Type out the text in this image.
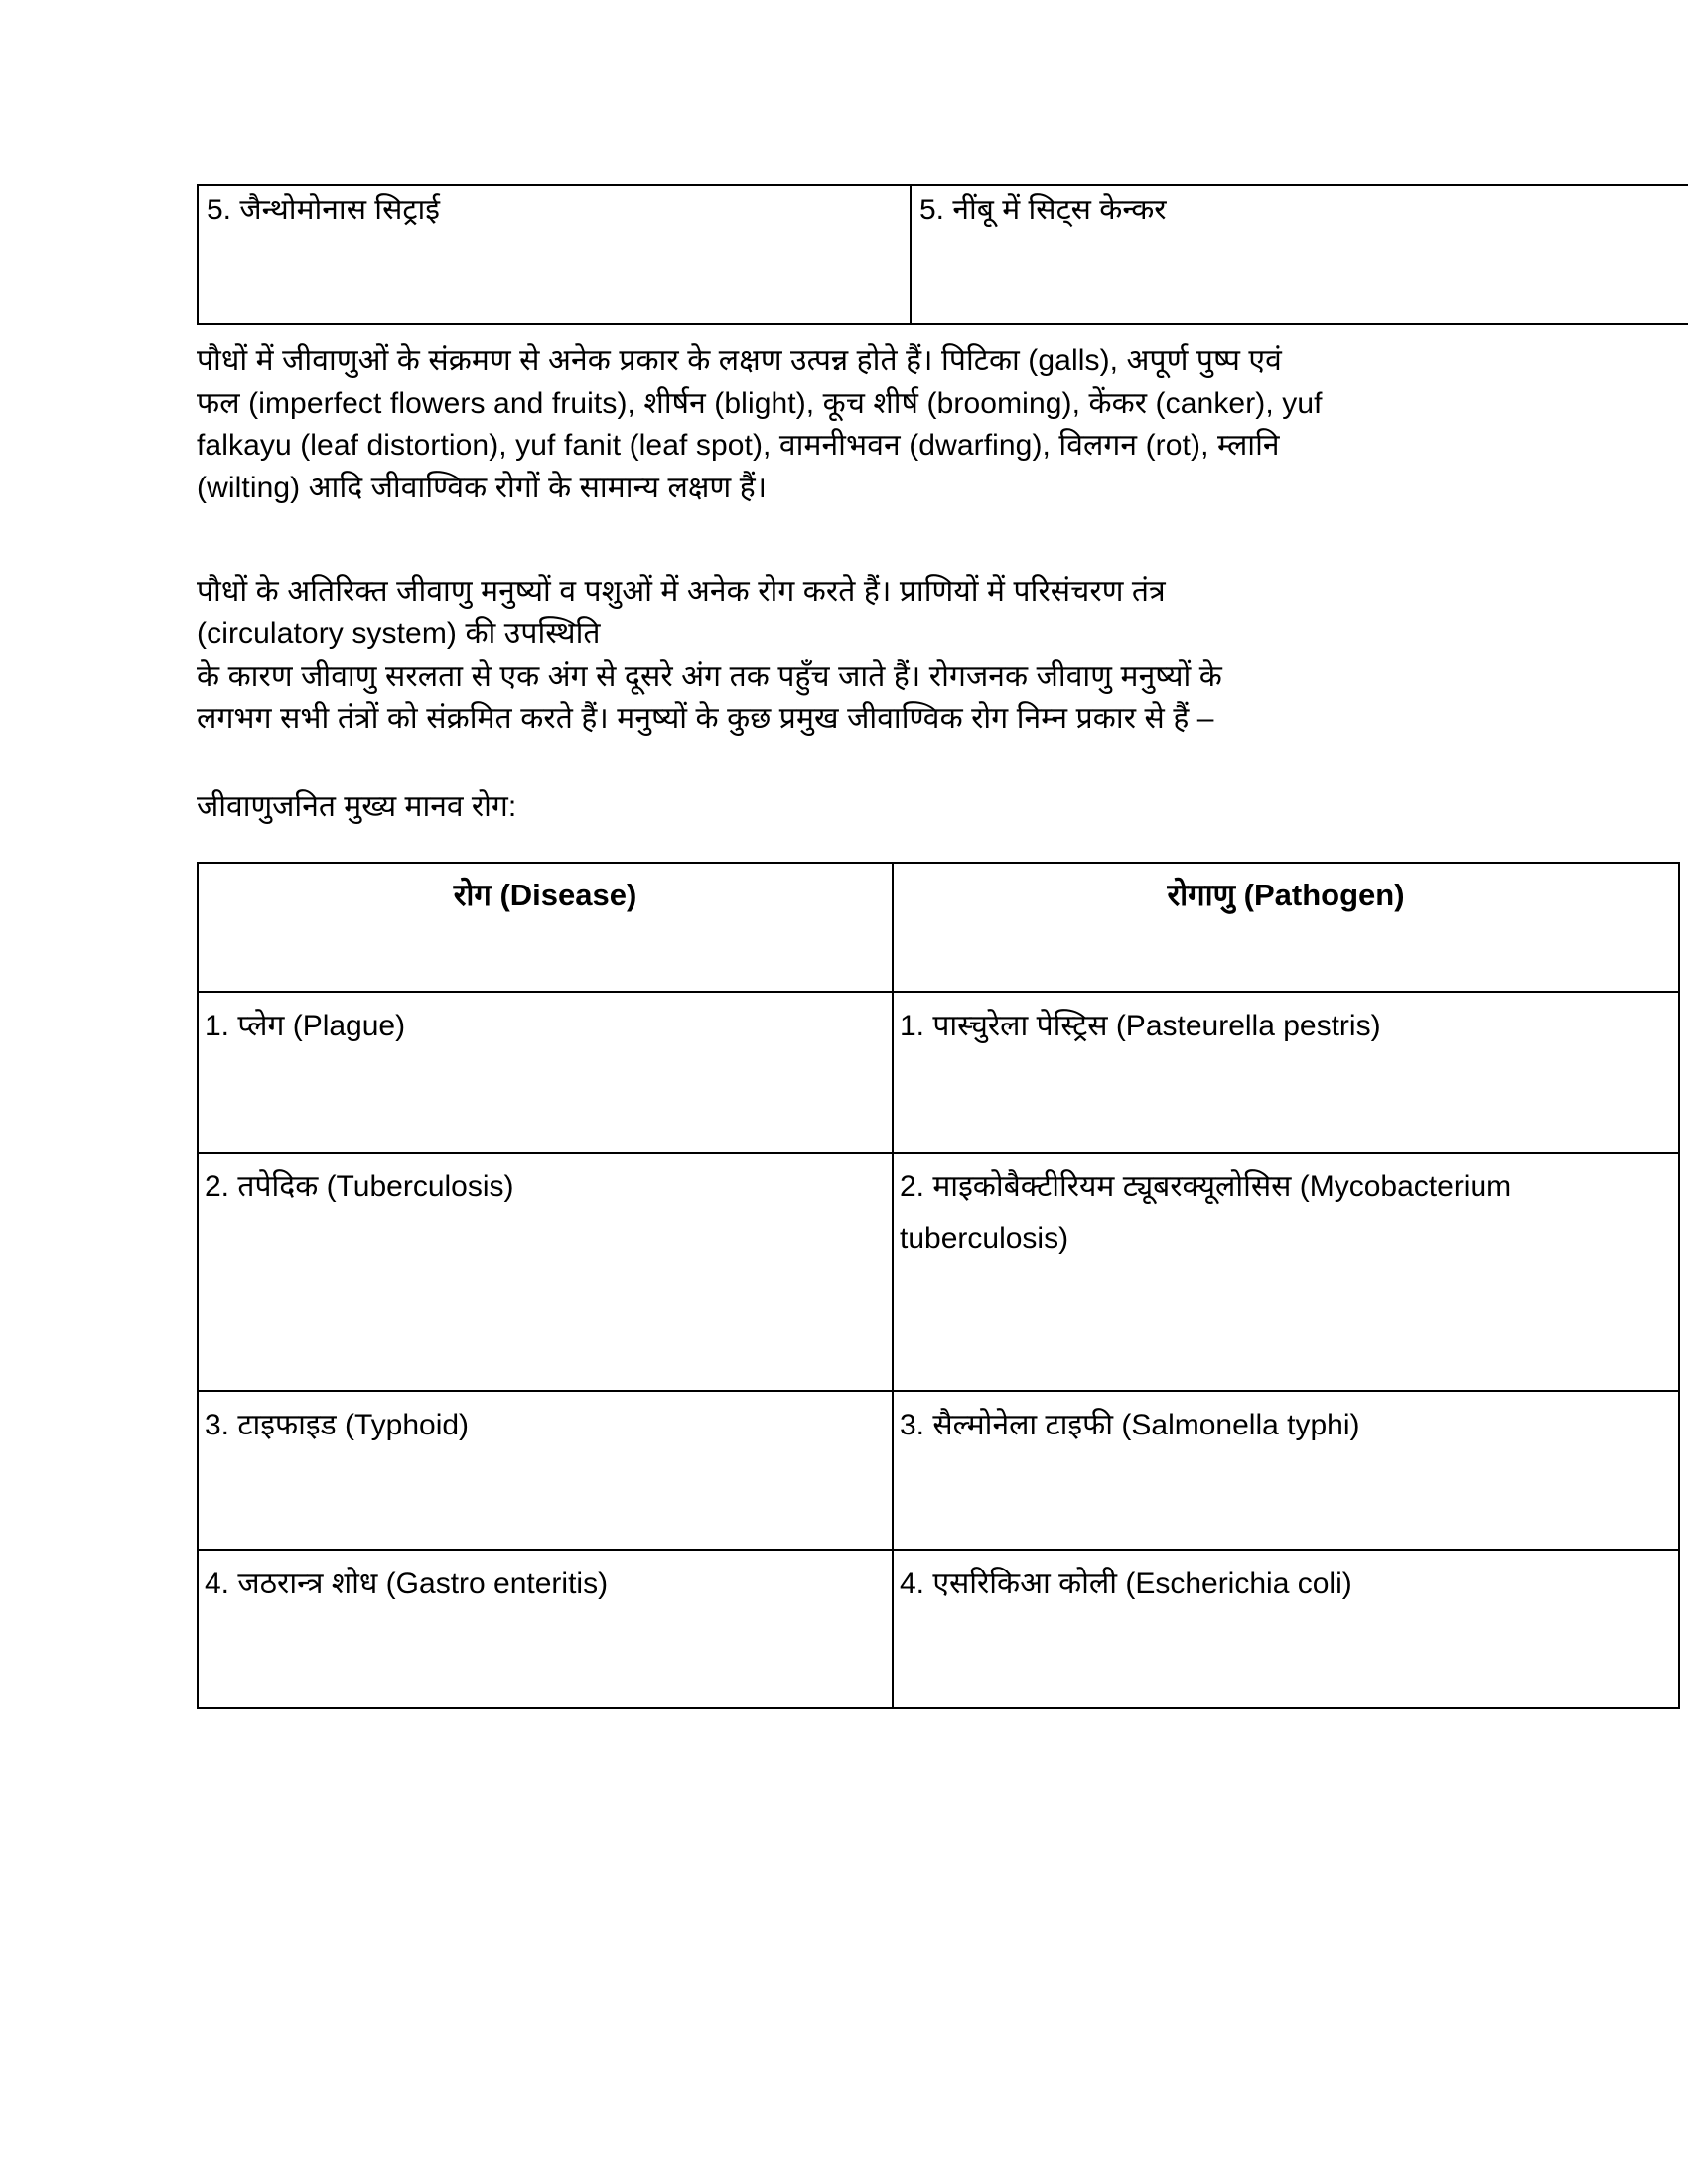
5. जैन्थोमोनास सिट्राई	5. नींबू में सिट्स केन्कर

पौधों में जीवाणुओं के संक्रमण से अनेक प्रकार के लक्षण उत्पन्न होते हैं। पिटिका (galls), अपूर्ण पुष्प एवं

फल (imperfect flowers and fruits), शीर्षन (blight), कूच शीर्ष (brooming), केंकर (canker), yuf

falkayu (leaf distortion), yuf fanit (leaf spot), वामनीभवन (dwarfing), विलगन (rot), म्लानि

(wilting) आदि जीवाण्विक रोगों के सामान्य लक्षण हैं।

पौधों के अतिरिक्त जीवाणु मनुष्यों व पशुओं में अनेक रोग करते हैं। प्राणियों में परिसंचरण तंत्र

(circulatory system) की उपस्थिति

के कारण जीवाणु सरलता से एक अंग से दूसरे अंग तक पहुँच जाते हैं। रोगजनक जीवाणु मनुष्यों के

लगभग सभी तंत्रों को संक्रमित करते हैं। मनुष्यों के कुछ प्रमुख जीवाण्विक रोग निम्न प्रकार से हैं –

जीवाणुजनित मुख्य मानव रोग:

रोग (Disease)	रोगाणु (Pathogen)
1. प्लेग (Plague)	1. पास्चुरेला पेस्ट्रिस (Pasteurella pestris)

2. तपेदिक (Tuberculosis)	2. माइकोबैक्टीरियम ट्यूबरक्यूलोसिस (Mycobacterium
tuberculosis)

3. टाइफाइड (Typhoid)	3. सैल्मोनेला टाइफी (Salmonella typhi)

4. जठरान्त्र शोध (Gastro enteritis)	4. एसरिकिआ कोली (Escherichia coli)
